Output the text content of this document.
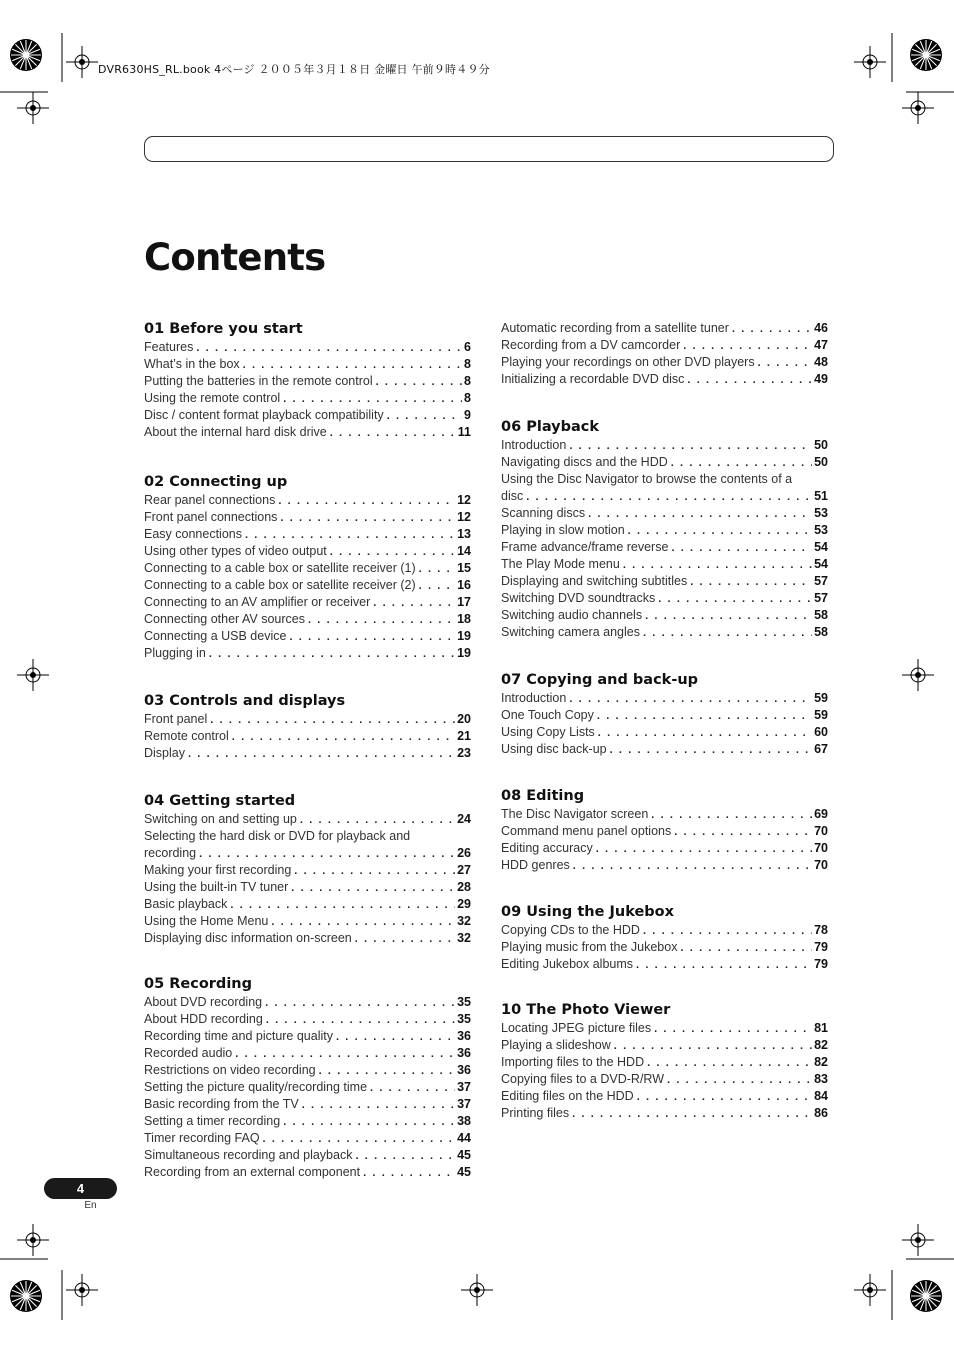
DVR630HS_RL.book 4ページ ２００５年３月１８日 金曜日 午前９時４９分
Contents
01 Before you start
Features . . .	6
What’s in the box . . .	8
Putting the batteries in the remote control . . .	8
Using the remote control . . .	8
Disc / content format playback compatibility . . .	9
About the internal hard disk drive . . .	11
02 Connecting up
Rear panel connections . . .	12
Front panel connections . . .	12
Easy connections . . .	13
Using other types of video output . . .	14
Connecting to a cable box or satellite receiver (1) . . .	15
Connecting to a cable box or satellite receiver (2) . . .	16
Connecting to an AV amplifier or receiver . . .	17
Connecting other AV sources . . .	18
Connecting a USB device . . .	19
Plugging in . . .	19
03 Controls and displays
Front panel . . .	20
Remote control . . .	21
Display . . .	23
04 Getting started
Switching on and setting up . . .	24
Selecting the hard disk or DVD for playback and
recording . . .	26
Making your first recording . . .	27
Using the built-in TV tuner . . .	28
Basic playback . . .	29
Using the Home Menu . . .	32
Displaying disc information on-screen . . .	32
05 Recording
About DVD recording . . .	35
About HDD recording . . .	35
Recording time and picture quality . . .	36
Recorded audio . . .	36
Restrictions on video recording . . .	36
Setting the picture quality/recording time . . .	37
Basic recording from the TV . . .	37
Setting a timer recording . . .	38
Timer recording FAQ . . .	44
Simultaneous recording and playback . . .	45
Recording from an external component . . .	45
Automatic recording from a satellite tuner . . .	46
Recording from a DV camcorder . . .	47
Playing your recordings on other DVD players . . .	48
Initializing a recordable DVD disc . . .	49
06 Playback
Introduction . . .	50
Navigating discs and the HDD . . .	50
Using the Disc Navigator to browse the contents of a
disc . . .	51
Scanning discs . . .	53
Playing in slow motion . . .	53
Frame advance/frame reverse . . .	54
The Play Mode menu . . .	54
Displaying and switching subtitles . . .	57
Switching DVD soundtracks . . .	57
Switching audio channels . . .	58
Switching camera angles . . .	58
07 Copying and back-up
Introduction . . .	59
One Touch Copy . . .	59
Using Copy Lists . . .	60
Using disc back-up . . .	67
08 Editing
The Disc Navigator screen . . .	69
Command menu panel options . . .	70
Editing accuracy . . .	70
HDD genres . . .	70
09 Using the Jukebox
Copying CDs to the HDD . . .	78
Playing music from the Jukebox . . .	79
Editing Jukebox albums . . .	79
10 The Photo Viewer
Locating JPEG picture files . . .	81
Playing a slideshow . . .	82
Importing files to the HDD . . .	82
Copying files to a DVD-R/RW . . .	83
Editing files on the HDD . . .	84
Printing files . . .	86
4
En
